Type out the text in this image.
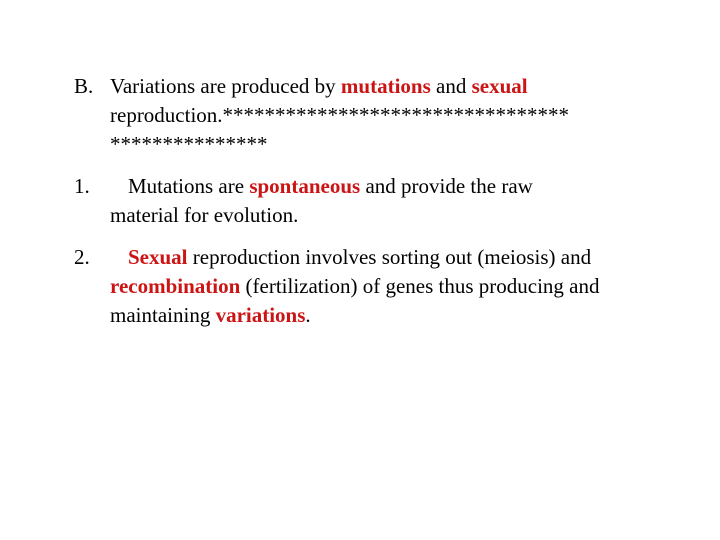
B. Variations are produced by mutations and sexual reproduction.*********************************
***************
1.	Mutations are spontaneous and provide the raw
material for evolution.
2.	Sexual reproduction involves sorting out (meiosis) and
recombination (fertilization) of genes thus producing and
maintaining variations.
